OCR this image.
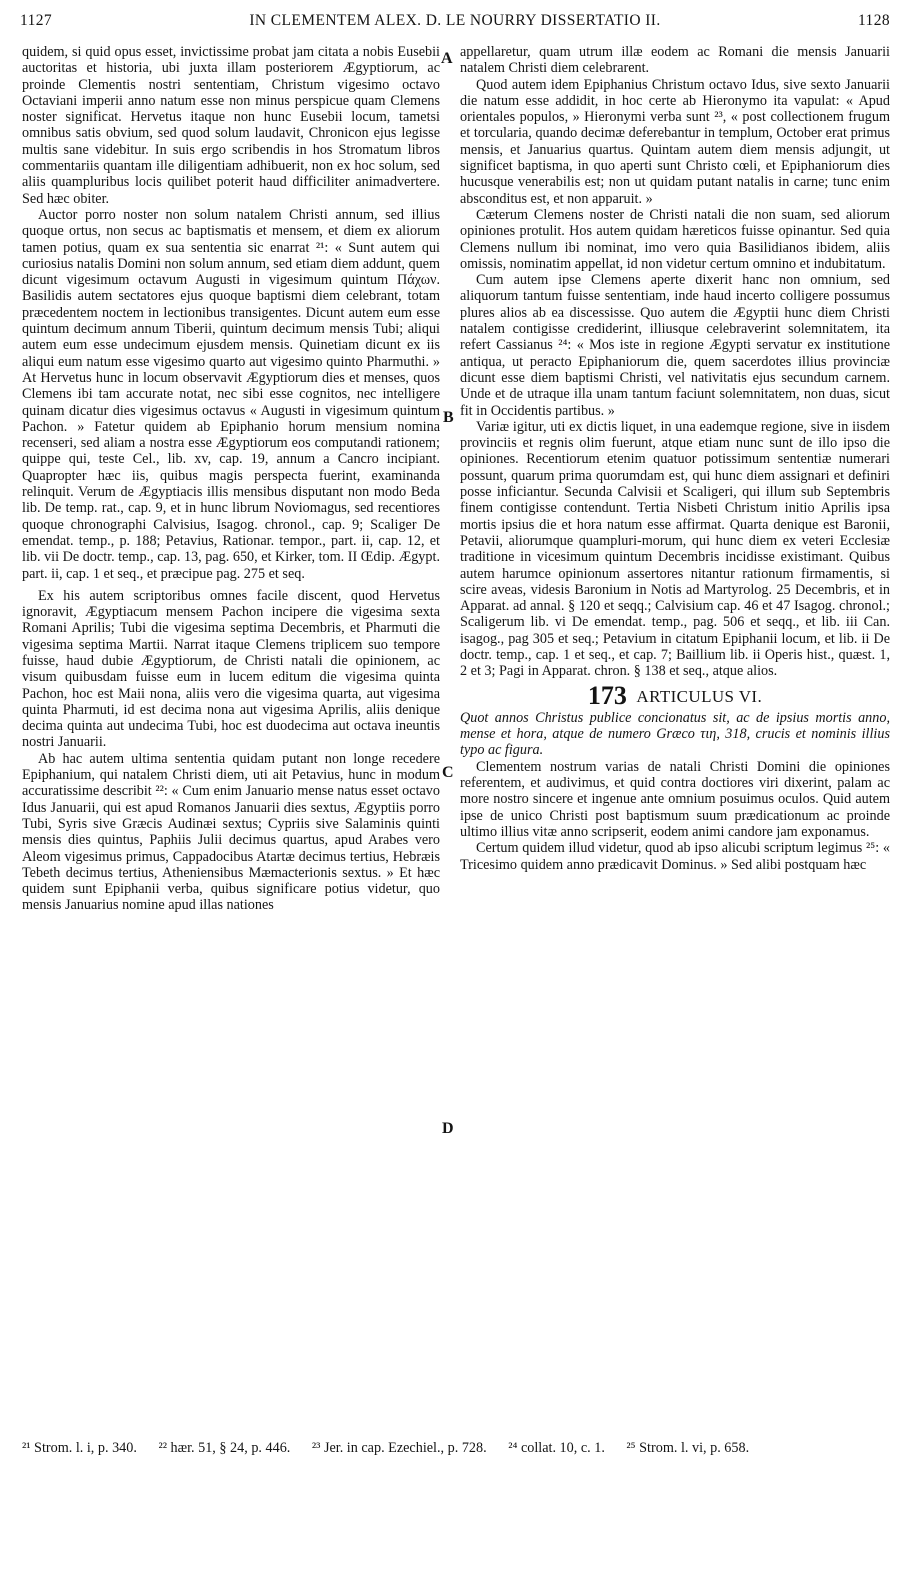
1127	IN CLEMENTEM ALEX. D. LE NOURRY DISSERTATIO II.	1128

quidem, si quid opus esset, invictissime probat jam citata a nobis Eusebii auctoritas et historia, ubi juxta illam posteriorem Ægyptiorum, ac proinde Clementis nostri sententiam, Christum vigesimo octavo Octaviani imperii anno natum esse non minus perspicue quam Clemens noster significat. Hervetus itaque non hunc Eusebii locum, tametsi omnibus satis obvium, sed quod solum laudavit, Chronicon ejus legisse multis sane videbitur. In suis ergo scribendis in hos Stromatum libros commentariis quantam ille diligentiam adhibuerit, non ex hoc solum, sed aliis quampluribus locis quilibet poterit haud difficiliter animadvertere. Sed hæc obiter.

Auctor porro noster non solum natalem Christi annum, sed illius quoque ortus, non secus ac baptismatis et mensem, et diem ex aliorum tamen potius, quam ex sua sententia sic enarrat ²¹: « Sunt autem qui curiosius natalis Domini non solum annum, sed etiam diem addunt, quem dicunt vigesimum octavum Augusti in vigesimum quintum Πάχων. Basilidis autem sectatores ejus quoque baptismi diem celebrant, totam præcedentem noctem in lectionibus transigentes. Dicunt autem eum esse quintum decimum annum Tiberii, quintum decimum mensis Tubi; aliqui autem eum esse undecimum ejusdem mensis. Quinetiam dicunt ex iis aliqui eum natum esse vigesimo quarto aut vigesimo quinto Pharmuthi. » At Hervetus hunc in locum observavit Ægyptiorum dies et menses, quos Clemens ibi tam accurate notat, nec sibi esse cognitos, nec intelligere quinam dicatur dies vigesimus octavus « Augusti in vigesimum quintum Pachon. » Fatetur quidem ab Epiphanio horum mensium nomina recenseri, sed aliam a nostra esse Ægyptiorum eos computandi rationem; quippe qui, teste Cel., lib. xv, cap. 19, annum a Cancro incipiant. Quapropter hæc iis, quibus magis perspecta fuerint, examinanda relinquit. Verum de Ægyptiacis illis mensibus disputant non modo Beda lib. De temp. rat., cap. 9, et in hunc librum Noviomagus, sed recentiores quoque chronographi Calvisius, Isagog. chronol., cap. 9; Scaliger De emendat. temp., p. 188; Petavius, Rationar. tempor., part. ii, cap. 12, et lib. vii De doctr. temp., cap. 13, pag. 650, et Kirker, tom. II Œdip. Ægypt. part. ii, cap. 1 et seq., et præcipue pag. 275 et seq.

Ex his autem scriptoribus omnes facile discent, quod Hervetus ignoravit, Ægyptiacum mensem Pachon incipere die vigesima sexta Romani Aprilis; Tubi die vigesima septima Decembris, et Pharmuti die vigesima septima Martii. Narrat itaque Clemens triplicem suo tempore fuisse, haud dubie Ægyptiorum, de Christi natali die opinionem, ac visum quibusdam fuisse eum in lucem editum die vigesima quinta Pachon, hoc est Maii nona, aliis vero die vigesima quarta, aut vigesima quinta Pharmuti, id est decima nona aut vigesima Aprilis, aliis denique decima quinta aut undecima Tubi, hoc est duodecima aut octava ineuntis nostri Januarii.

Ab hac autem ultima sententia quidam putant non longe recedere Epiphanium, qui natalem Christi diem, uti ait Petavius, hunc in modum accuratissime describit ²²: « Cum enim Januario mense natus esset octavo Idus Januarii, qui est apud Romanos Januarii dies sextus, Ægyptiis porro Tubi, Syris sive Græcis Audinæi sextus; Cypriis sive Salaminis quinti mensis dies quintus, Paphiis Julii decimus quartus, apud Arabes vero Aleom vigesimus primus, Cappadocibus Atartæ decimus tertius, Hebræis Tebeth decimus tertius, Atheniensibus Mæmacterionis sextus. » Et hæc quidem sunt Epiphanii verba, quibus significare potius videtur, quo mensis Januarius nomine apud illas nationes

A
B
C
D

appellaretur, quam utrum illæ eodem ac Romani die mensis Januarii natalem Christi diem celebrarent.

Quod autem idem Epiphanius Christum octavo Idus, sive sexto Januarii die natum esse addidit, in hoc certe ab Hieronymo ita vapulat: « Apud orientales populos, » Hieronymi verba sunt ²³, « post collectionem frugum et torcularia, quando decimæ deferebantur in templum, October erat primus mensis, et Januarius quartus. Quintam autem diem mensis adjungit, ut significet baptisma, in quo aperti sunt Christo cœli, et Epiphaniorum dies hucusque venerabilis est; non ut quidam putant natalis in carne; tunc enim absconditus est, et non apparuit. »

Cæterum Clemens noster de Christi natali die non suam, sed aliorum opiniones protulit. Hos autem quidam hæreticos fuisse opinantur. Sed quia Clemens nullum ibi nominat, imo vero quia Basilidianos ibidem, aliis omissis, nominatim appellat, id non videtur certum omnino et indubitatum.

Cum autem ipse Clemens aperte dixerit hanc non omnium, sed aliquorum tantum fuisse sententiam, inde haud incerto colligere possumus plures alios ab ea discessisse. Quo autem die Ægyptii hunc diem Christi natalem contigisse crediderint, illiusque celebraverint solemnitatem, ita refert Cassianus ²⁴: « Mos iste in regione Ægypti servatur ex institutione antiqua, ut peracto Epiphaniorum die, quem sacerdotes illius provinciæ dicunt esse diem baptismi Christi, vel nativitatis ejus secundum carnem. Unde et de utraque illa unam tantum faciunt solemnitatem, non duas, sicut fit in Occidentis partibus. »

Variæ igitur, uti ex dictis liquet, in una eademque regione, sive in iisdem provinciis et regnis olim fuerunt, atque etiam nunc sunt de illo ipso die opiniones. Recentiorum etenim quatuor potissimum sententiæ numerari possunt, quarum prima quorumdam est, qui hunc diem assignari et definiri posse inficiantur. Secunda Calvisii et Scaligeri, qui illum sub Septembris finem contigisse contendunt. Tertia Nisbeti Christum initio Aprilis ipsa mortis ipsius die et hora natum esse affirmat. Quarta denique est Baronii, Petavii, aliorumque quampluri-morum, qui hunc diem ex veteri Ecclesiæ traditione in vicesimum quintum Decembris incidisse existimant. Quibus autem harumce opinionum assertores nitantur rationum firmamentis, si scire aveas, videsis Baronium in Notis ad Martyrolog. 25 Decembris, et in Apparat. ad annal. § 120 et seqq.; Calvisium cap. 46 et 47 Isagog. chronol.; Scaligerum lib. vi De emendat. temp., pag. 506 et seqq., et lib. iii Can. isagog., pag 305 et seq.; Petavium in citatum Epiphanii locum, et lib. ii De doctr. temp., cap. 1 et seq., et cap. 7; Baillium lib. ii Operis hist., quæst. 1, 2 et 3; Pagi in Apparat. chron. § 138 et seq., atque alios.

173 ARTICULUS VI.

Quot annos Christus publice concionatus sit, ac de ipsius mortis anno, mense et hora, atque de numero Græco τιη, 318, crucis et nominis illius typo ac figura.

Clementem nostrum varias de natali Christi Domini die opiniones referentem, et audivimus, et quid contra doctiores viri dixerint, palam ac more nostro sincere et ingenue ante omnium posuimus oculos. Quid autem ipse de unico Christi post baptismum suum prædicationum ac proinde ultimo illius vitæ anno scripserit, eodem animi candore jam exponamus.

Certum quidem illud videtur, quod ab ipso alicubi scriptum legimus ²⁵: « Tricesimo quidem anno prædicavit Dominus. » Sed alibi postquam hæc

²¹ Strom. l. i, p. 340. ²² hær. 51, § 24, p. 446. ²³ Jer. in cap. Ezechiel., p. 728. ²⁴ collat. 10, c. 1. ²⁵ Strom. l. vi, p. 658.
